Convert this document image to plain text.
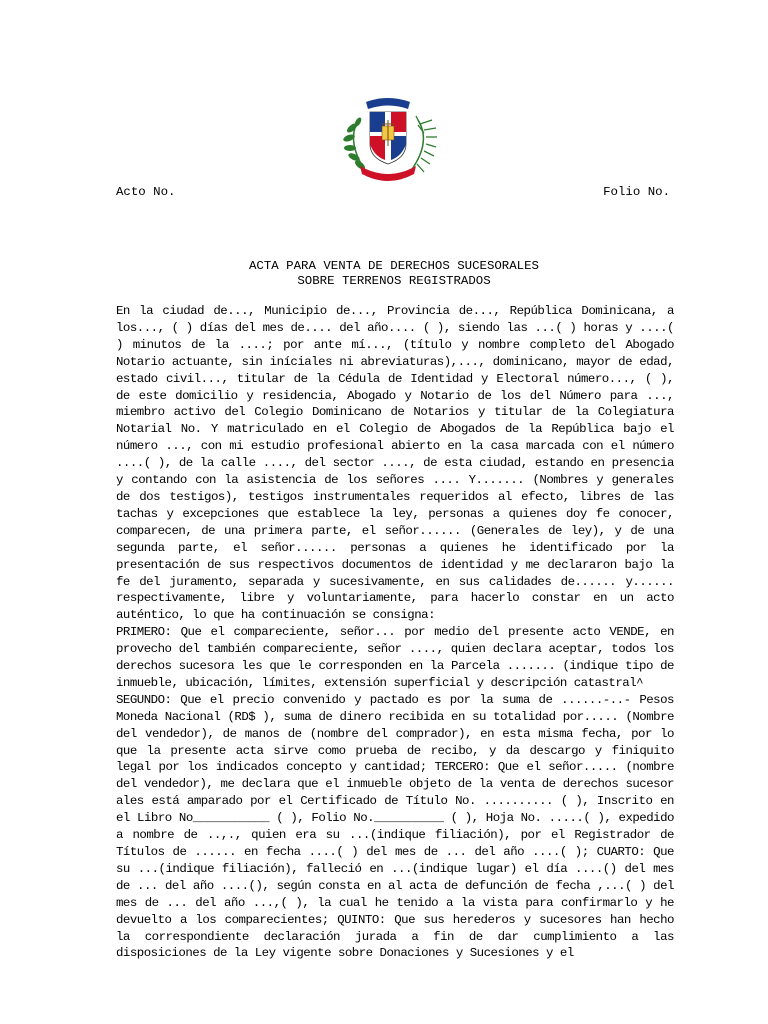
Acto No.	Folio No.
ACTA PARA VENTA DE DERECHOS SUCESORALES
SOBRE TERRENOS REGISTRADOS

En la ciudad de..., Municipio de..., Provincia de..., República Dominicana, a los..., ( ) días del mes de.... del año.... ( ), siendo las ...( ) horas y ....( ) minutos de la ....; por ante mí..., (título y nombre completo del Abogado Notario actuante, sin iníciales ni abreviaturas),..., dominicano, mayor de edad, estado civil..., titular de la Cédula de Identidad y Electoral número..., ( ), de este domicilio y residencia, Abogado y Notario de los del Número para ..., miembro activo del Colegio Dominicano de Notarios y titular de la Colegiatura Notarial No. Y matriculado en el Colegio de Abogados de la República bajo el número ..., con mi estudio profesional abierto en la casa marcada con el número ....( ), de la calle ...., del sector ...., de esta ciudad, estando en presencia y contando con la asistencia de los señores .... Y....... (Nombres y generales de dos testigos), testigos instrumentales requeridos al efecto, libres de las tachas y excepciones que establece la ley, personas a quienes doy fe conocer, comparecen, de una primera parte, el señor...... (Generales de ley), y de una segunda parte, el señor...... personas a quienes he identificado por la presentación de sus respectivos documentos de identidad y me declararon bajo la fe del juramento, separada y sucesivamente, en sus calidades de...... y...... respectivamente, libre y voluntariamente, para hacerlo constar en un acto auténtico, lo que ha continuación se consigna:

PRIMERO: Que el compareciente, señor... por medio del presente acto VENDE, en provecho del también compareciente, señor ...., quien declara aceptar, todos los derechos sucesora les que le corresponden en la Parcela ....... (indique tipo de inmueble, ubicación, límites, extensión superficial y descripción catastral^

SEGUNDO: Que el precio convenido y pactado es por la suma de ......-..- Pesos Moneda Nacional (RD$ ), suma de dinero recibida en su totalidad por..... (Nombre del vendedor), de manos de (nombre del comprador), en esta misma fecha, por lo que la presente acta sirve como prueba de recibo, y da descargo y finiquito legal por los indicados concepto y cantidad; TERCERO: Que el señor..... (nombre del vendedor), me declara que el inmueble objeto de la venta de derechos sucesor ales está amparado por el Certificado de Título No. .......... ( ), Inscrito en el Libro No___________ ( ), Folio No.__________ ( ), Hoja No. .....( ), expedido a nombre de ..,., quien era su ...(indique filiación), por el Registrador de Títulos de ...... en fecha ....( ) del mes de ... del año ....( ); CUARTO: Que su ...(indique filiación), falleció en ...(indique lugar) el día ....() del mes de ... del año ....(), según consta en al acta de defunción de fecha ,...( ) del mes de ... del año ...,( ), la cual he tenido a la vista para confirmarlo y he devuelto a los comparecientes; QUINTO: Que sus herederos y sucesores han hecho la correspondiente declaración jurada a fin de dar cumplimiento a las disposiciones de la Ley vigente sobre Donaciones y Sucesiones y el
